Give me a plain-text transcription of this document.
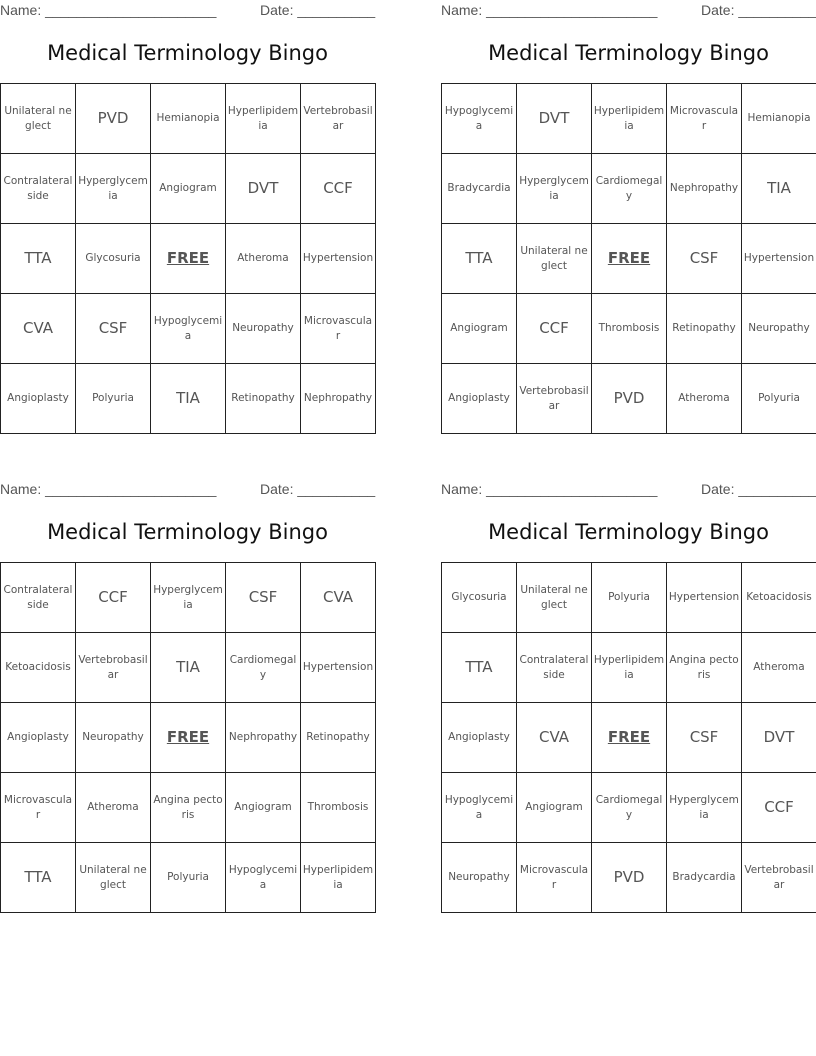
Name: ______________________	Date: __________
Medical Terminology Bingo
Unilateral neglect	PVD	Hemianopia	Hyperlipidemia	Vertebrobasilar
Contralateral side	Hyperglycemia	Angiogram	DVT	CCF
TTA	Glycosuria	FREE	Atheroma	Hypertension
CVA	CSF	Hypoglycemia	Neuropathy	Microvascular
Angioplasty	Polyuria	TIA	Retinopathy	Nephropathy
Name: ______________________	Date: __________
Medical Terminology Bingo
Hypoglycemia	DVT	Hyperlipidemia	Microvascular	Hemianopia
Bradycardia	Hyperglycemia	Cardiomegaly	Nephropathy	TIA
TTA	Unilateral neglect	FREE	CSF	Hypertension
Angiogram	CCF	Thrombosis	Retinopathy	Neuropathy
Angioplasty	Vertebrobasilar	PVD	Atheroma	Polyuria
Name: ______________________	Date: __________
Medical Terminology Bingo
Contralateral side	CCF	Hyperglycemia	CSF	CVA
Ketoacidosis	Vertebrobasilar	TIA	Cardiomegaly	Hypertension
Angioplasty	Neuropathy	FREE	Nephropathy	Retinopathy
Microvascular	Atheroma	Angina pectoris	Angiogram	Thrombosis
TTA	Unilateral neglect	Polyuria	Hypoglycemia	Hyperlipidemia
Name: ______________________	Date: __________
Medical Terminology Bingo
Glycosuria	Unilateral neglect	Polyuria	Hypertension	Ketoacidosis
TTA	Contralateral side	Hyperlipidemia	Angina pectoris	Atheroma
Angioplasty	CVA	FREE	CSF	DVT
Hypoglycemia	Angiogram	Cardiomegaly	Hyperglycemia	CCF
Neuropathy	Microvascular	PVD	Bradycardia	Vertebrobasilar
